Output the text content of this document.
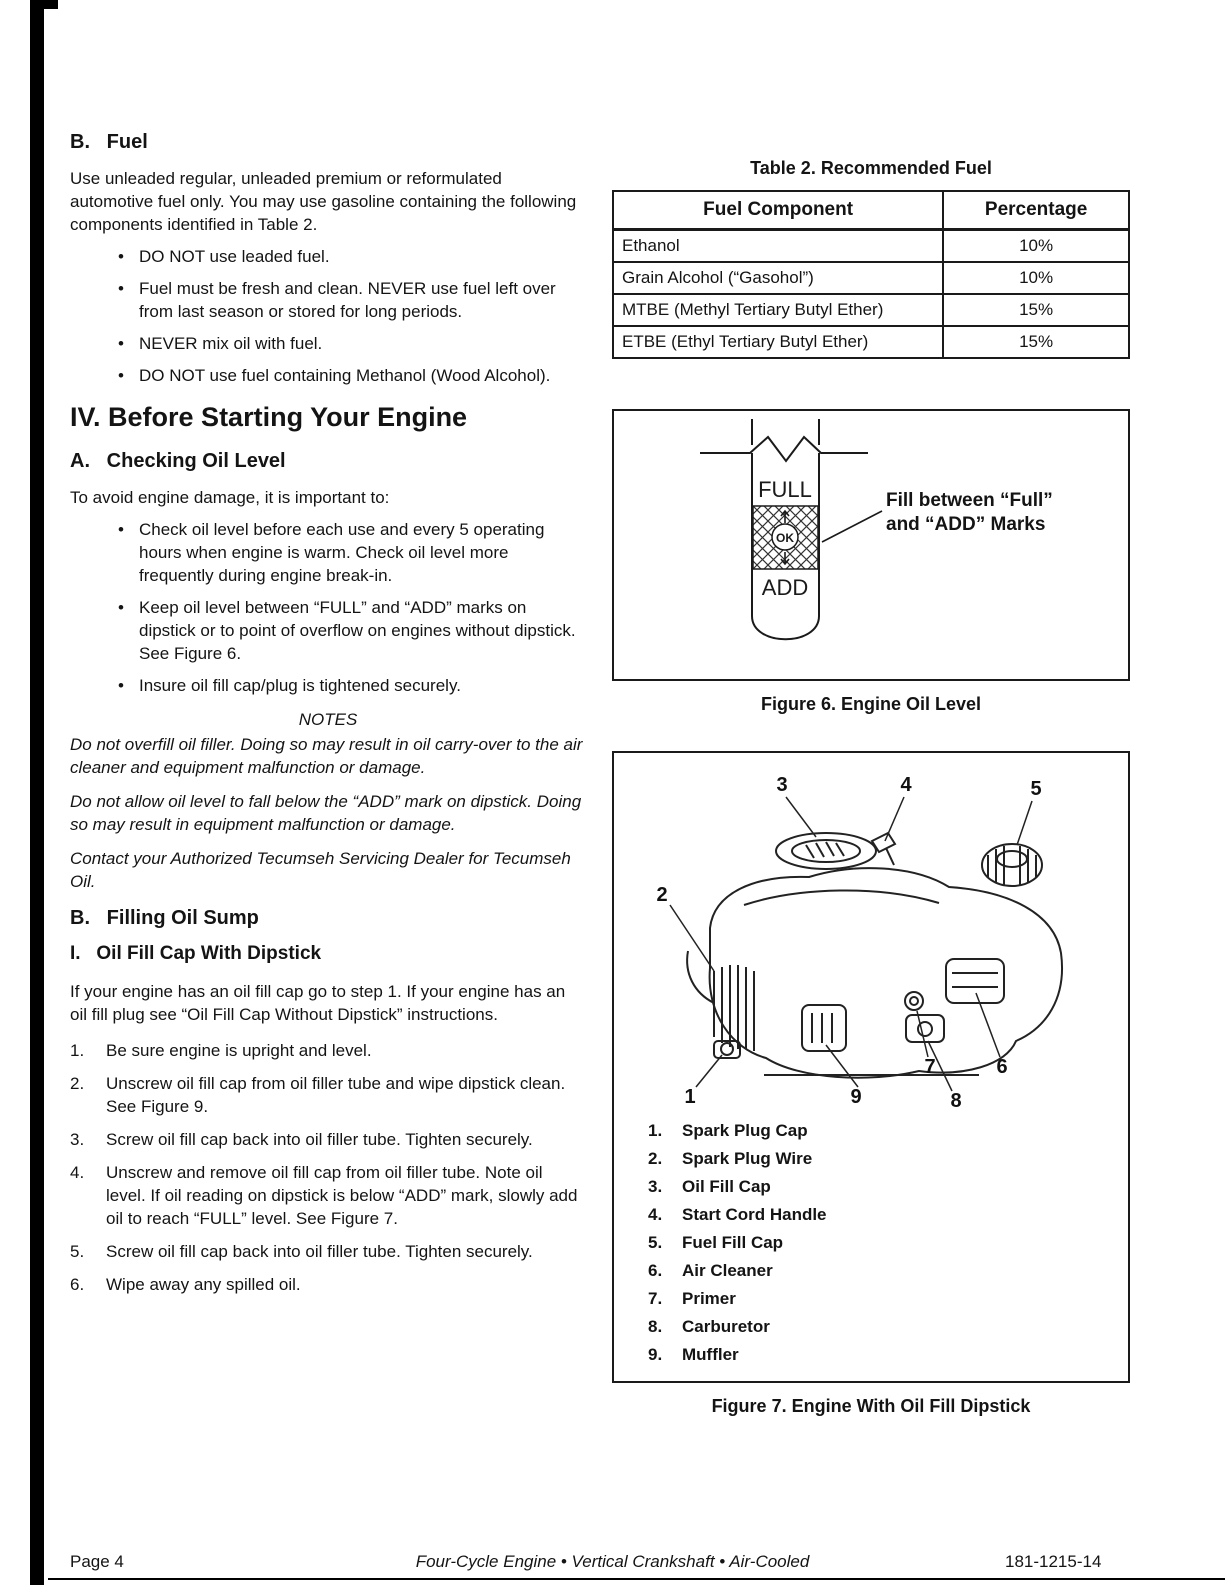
B.   Fuel

Use unleaded regular, unleaded premium or reformulated automotive fuel only. You may use gasoline containing the following components identified in Table 2.

• DO NOT use leaded fuel.
• Fuel must be fresh and clean. NEVER use fuel left over from last season or stored for long periods.
• NEVER mix oil with fuel.
• DO NOT use fuel containing Methanol (Wood Alcohol).
IV. Before Starting Your Engine
A.   Checking Oil Level

To avoid engine damage, it is important to:

• Check oil level before each use and every 5 operating hours when engine is warm. Check oil level more frequently during engine break-in.
• Keep oil level between “FULL” and “ADD” marks on dipstick or to point of overflow on engines without dipstick. See Figure 6.
• Insure oil fill cap/plug is tightened securely.
NOTES

Do not overfill oil filler. Doing so may result in oil carry-over to the air cleaner and equipment malfunction or damage.

Do not allow oil level to fall below the “ADD” mark on dipstick. Doing so may result in equipment malfunction or damage.

Contact your Authorized Tecumseh Servicing Dealer for Tecumseh Oil.

B.   Filling Oil Sump
I.   Oil Fill Cap With Dipstick

If your engine has an oil fill cap go to step 1. If your engine has an oil fill plug see “Oil Fill Cap Without Dipstick” instructions.

1.	Be sure engine is upright and level.
2.	Unscrew oil fill cap from oil filler tube and wipe dipstick clean. See Figure 9.
3.	Screw oil fill cap back into oil filler tube. Tighten securely.
4.	Unscrew and remove oil fill cap from oil filler tube. Note oil level. If oil reading on dipstick is below “ADD” mark, slowly add oil to reach “FULL” level. See Figure 7.
5.	Screw oil fill cap back into oil filler tube. Tighten securely.
6.	Wipe away any spilled oil.
Table 2. Recommended Fuel
Fuel Component	Percentage
Ethanol	10%
Grain Alcohol (“Gasohol”)	10%
MTBE (Methyl Tertiary Butyl Ether)	15%
ETBE (Ethyl Tertiary Butyl Ether)	15%
FULL
OK
ADD
Fill between “Full”
and “ADD” Marks
Figure 6. Engine Oil Level
3	4	5
2
1	9	8
7	6
1.	Spark Plug Cap
2.	Spark Plug Wire
3.	Oil Fill Cap
4.	Start Cord Handle
5.	Fuel Fill Cap
6.	Air Cleaner
7.	Primer
8.	Carburetor
9.	Muffler
Figure 7. Engine With Oil Fill Dipstick
Page 4	Four-Cycle Engine • Vertical Crankshaft • Air-Cooled	181-1215-14
